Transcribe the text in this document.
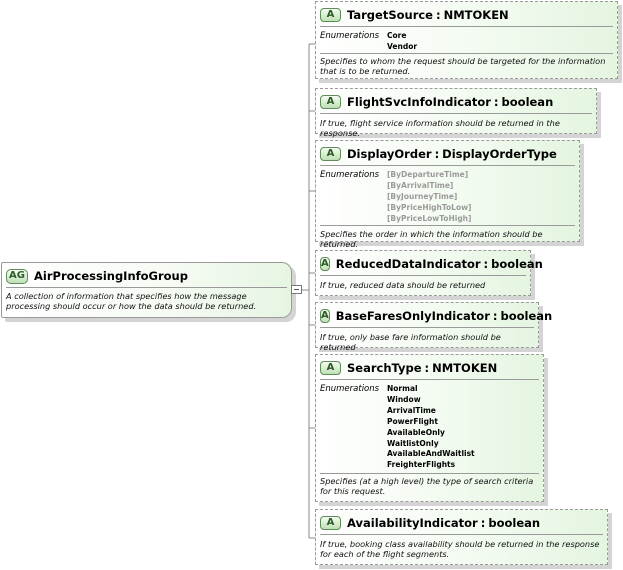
AG AirProcessingInfoGroup
A collection of information that specifies how the message processing should occur or how the data should be returned.
A	TargetSource : NMTOKEN
Enumerations Core
Vendor
Specifies to whom the request should be targeted for the information that is to be returned.
A	FlightSvcInfoIndicator : boolean
If true, flight service information should be returned in the response.
A	DisplayOrder : DisplayOrderType
Enumerations [ByDepartureTime]
[ByArrivalTime]
[ByJourneyTime]
[ByPriceHighToLow]
[ByPriceLowToHigh]
Specifies the order in which the information should be returned.
A ReducedDataIndicator : boolean
If true, reduced data should be returned
A BaseFaresOnlyIndicator : boolean
If true, only base fare information should be returned
A	SearchType : NMTOKEN
Enumerations Normal
Window
ArrivalTime
PowerFlight
AvailableOnly
WaitlistOnly
AvailableAndWaitlist
FreighterFlights
Specifies (at a high level) the type of search criteria for this request.
A	AvailabilityIndicator : boolean
If true, booking class availability should be returned in the response for each of the flight segments.
